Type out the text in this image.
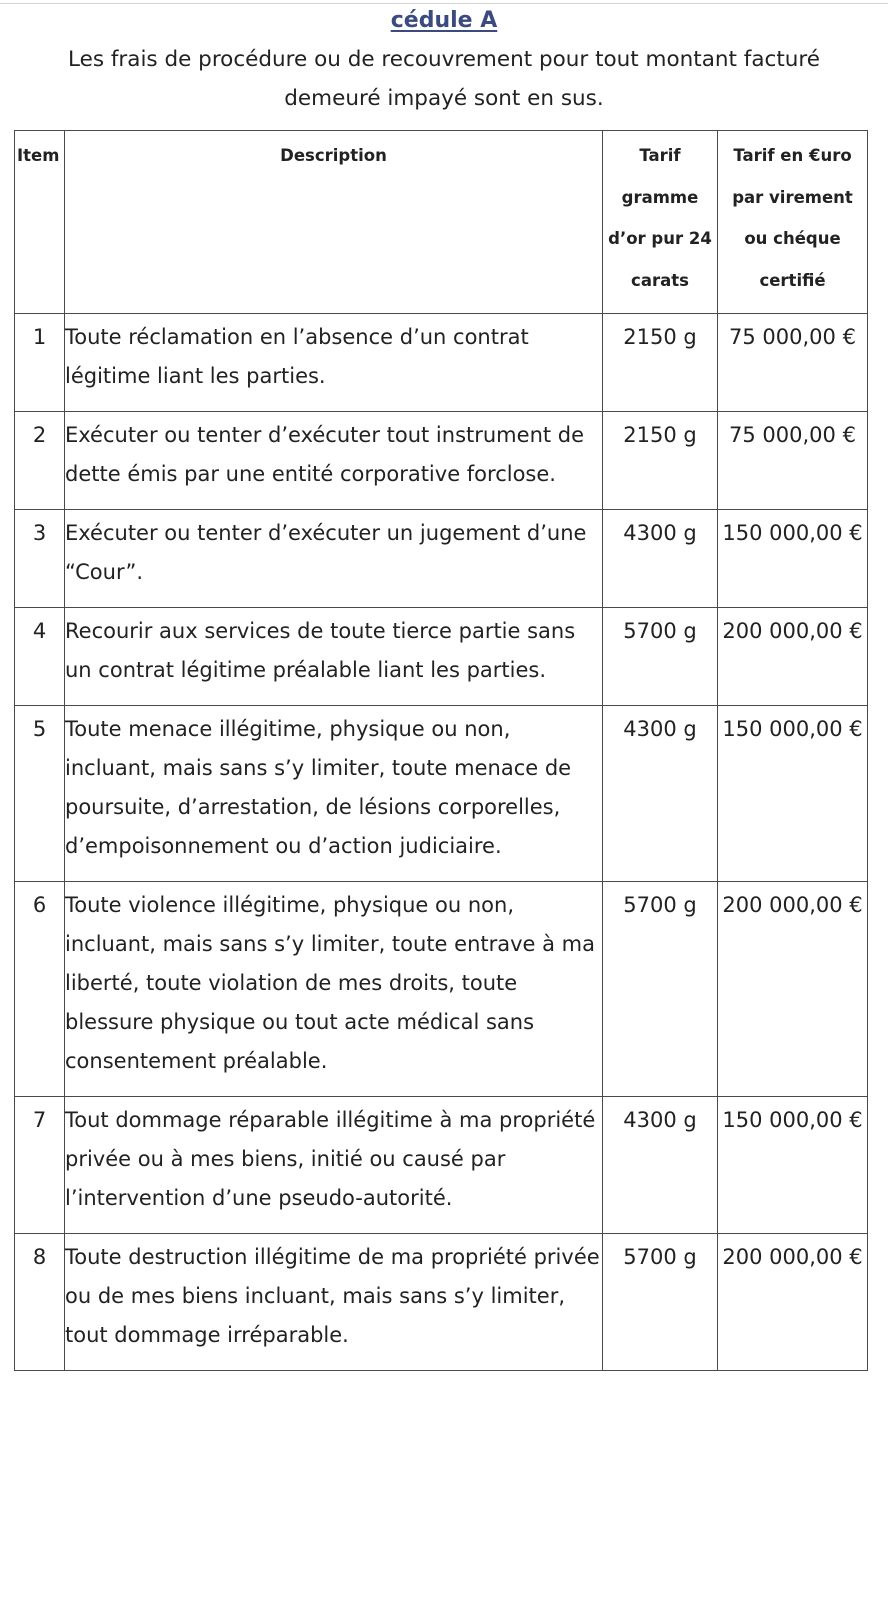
cédule A
Les frais de procédure ou de recouvrement pour tout montant facturé demeuré impayé sont en sus.
Item	Description	Tarif gramme d’or pur 24 carats	Tarif en €uro par virement ou chéque certifié
1	Toute réclamation en l’absence d’un contrat légitime liant les parties.	2150 g	75 000,00 €
2	Exécuter ou tenter d’exécuter tout instrument de dette émis par une entité corporative forclose.	2150 g	75 000,00 €
3	Exécuter ou tenter d’exécuter un jugement d’une “Cour”.	4300 g	150 000,00 €
4	Recourir aux services de toute tierce partie sans un contrat légitime préalable liant les parties.	5700 g	200 000,00 €
5	Toute menace illégitime, physique ou non, incluant, mais sans s’y limiter, toute menace de poursuite, d’arrestation, de lésions corporelles, d’empoisonnement ou d’action judiciaire.	4300 g	150 000,00 €
6	Toute violence illégitime, physique ou non, incluant, mais sans s’y limiter, toute entrave à ma liberté, toute violation de mes droits, toute blessure physique ou tout acte médical sans consentement préalable.	5700 g	200 000,00 €
7	Tout dommage réparable illégitime à ma propriété privée ou à mes biens, initié ou causé par l’intervention d’une pseudo-autorité.	4300 g	150 000,00 €
8	Toute destruction illégitime de ma propriété privée ou de mes biens incluant, mais sans s’y limiter, tout dommage irréparable.	5700 g	200 000,00 €
